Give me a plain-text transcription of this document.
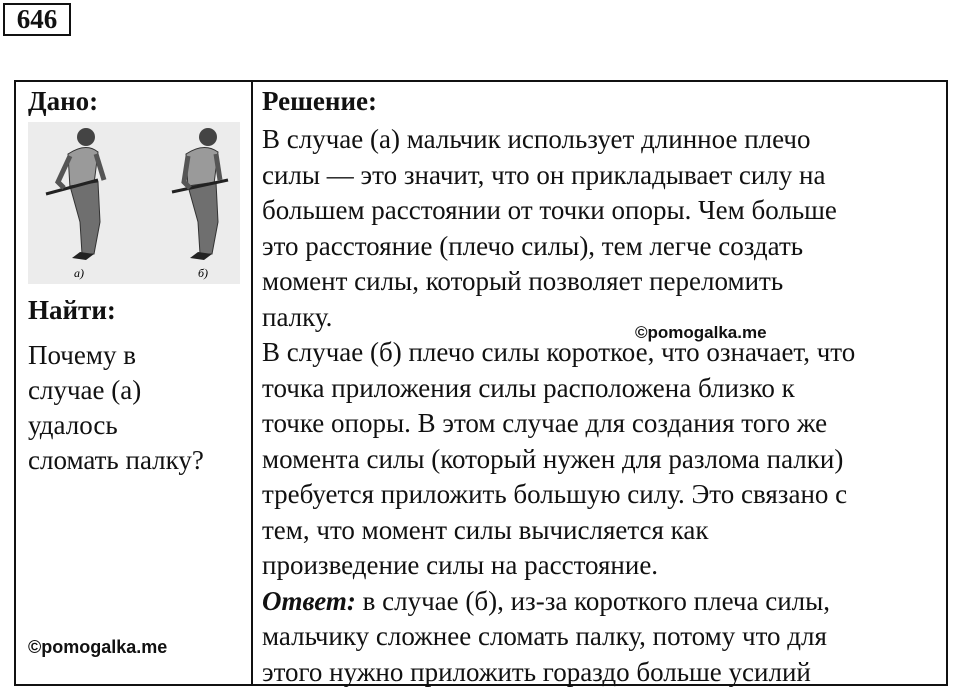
646
Дано:
а)	б)
Найти:
Почему в
случае (а)
удалось
сломать палку?
©pomogalka.me
Решение:
В случае (а) мальчик использует длинное плечо
силы — это значит, что он прикладывает силу на
большем расстоянии от точки опоры. Чем больше
это расстояние (плечо силы), тем легче создать
момент силы, который позволяет переломить
палку.
В случае (б) плечо силы короткое, что означает, что
точка приложения силы расположена близко к
точке опоры. В этом случае для создания того же
момента силы (который нужен для разлома палки)
требуется приложить большую силу. Это связано с
тем, что момент силы вычисляется как
произведение силы на расстояние.
Ответ: в случае (б), из-за короткого плеча силы,
мальчику сложнее сломать палку, потому что для
этого нужно приложить гораздо больше усилий
©pomogalka.me
